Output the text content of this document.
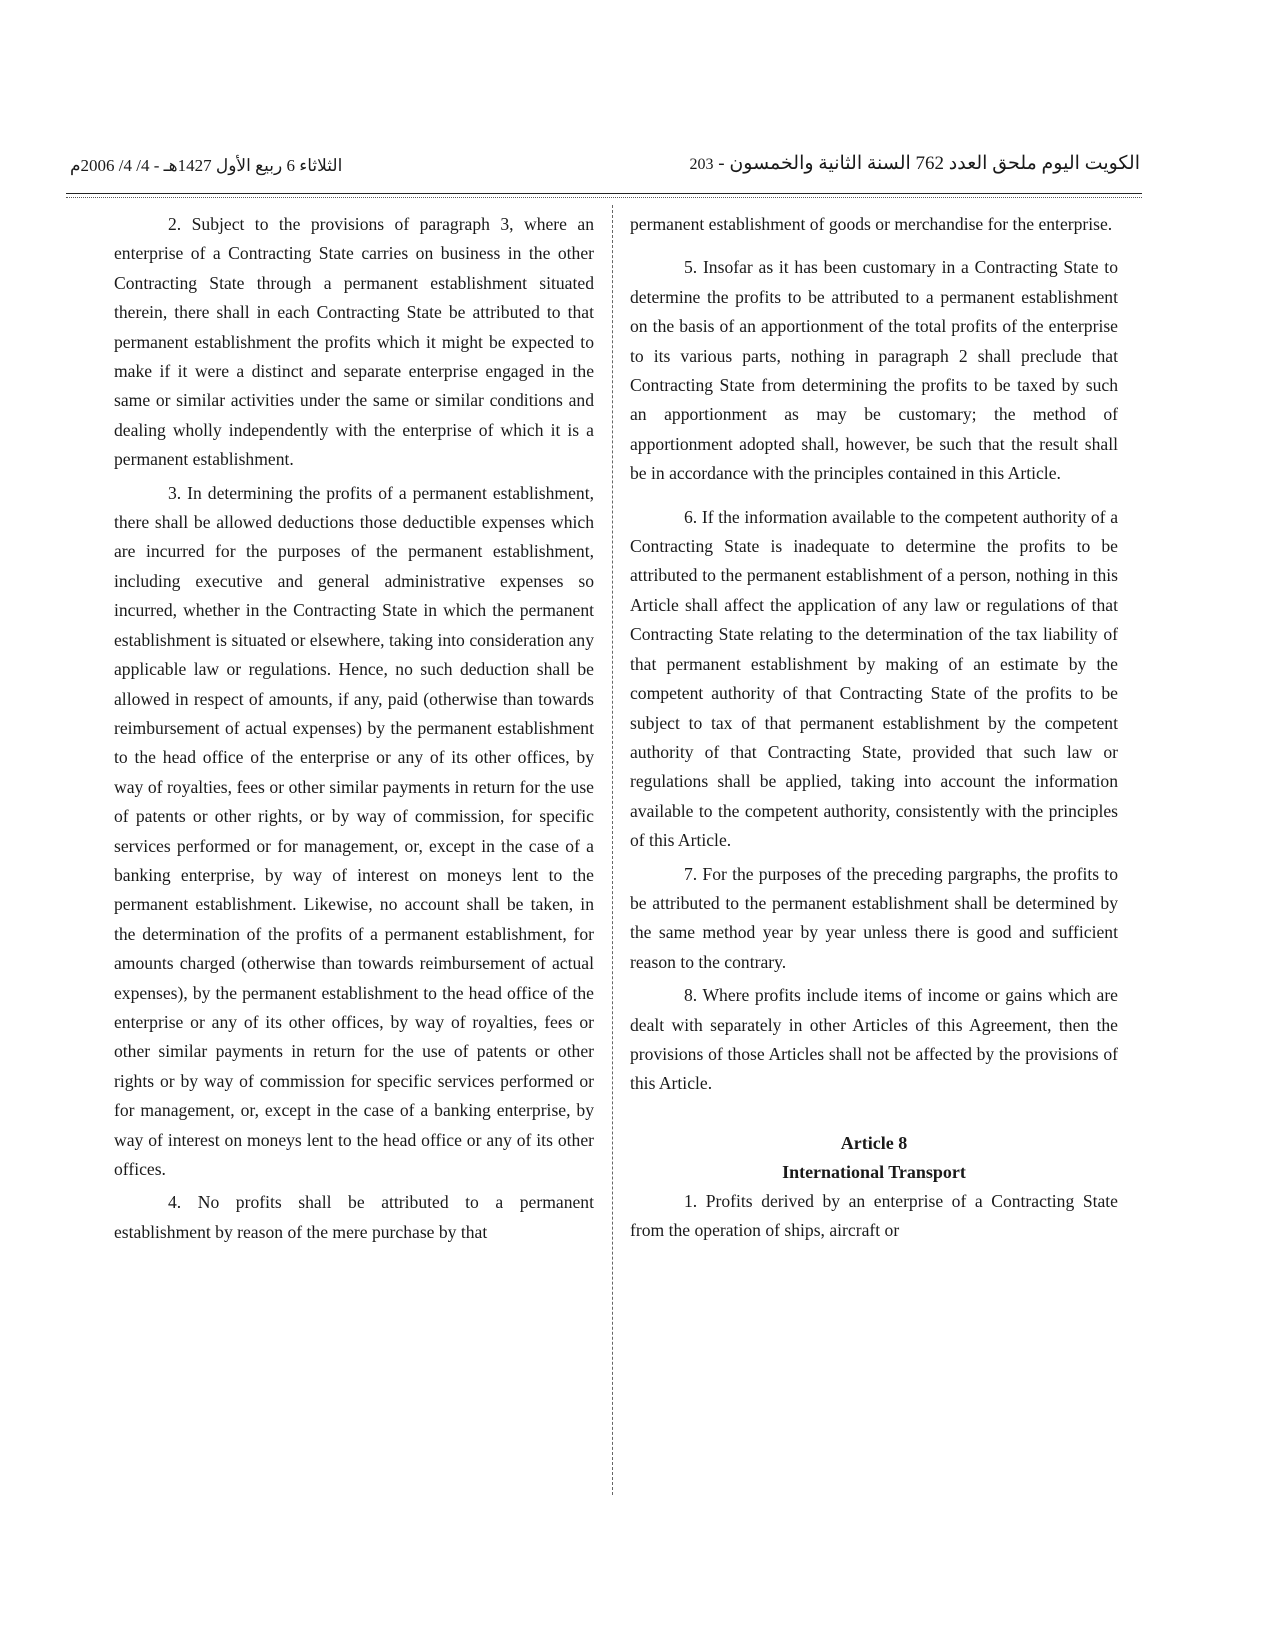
الثلاثاء 6 ربيع الأول 1427هـ - 4/ 4/ 2006م	الكويت اليوم ملحق العدد 762 السنة الثانية والخمسون - 203

2. Subject to the provisions of paragraph 3, where an enterprise of a Contracting State carries on business in the other Contracting State through a permanent establishment situated therein, there shall in each Contracting State be attributed to that permanent establishment the profits which it might be expected to make if it were a distinct and separate enterprise engaged in the same or similar activities under the same or similar conditions and dealing wholly independently with the enterprise of which it is a permanent establishment.

3. In determining the profits of a permanent establishment, there shall be allowed deductions those deductible expenses which are incurred for the purposes of the permanent establishment, including executive and general administrative expenses so incurred, whether in the Contracting State in which the permanent establishment is situated or elsewhere, taking into consideration any applicable law or regulations. Hence, no such deduction shall be allowed in respect of amounts, if any, paid (otherwise than towards reimbursement of actual expenses) by the permanent establishment to the head office of the enterprise or any of its other offices, by way of royalties, fees or other similar payments in return for the use of patents or other rights, or by way of commission, for specific services performed or for management, or, except in the case of a banking enterprise, by way of interest on moneys lent to the permanent establishment. Likewise, no account shall be taken, in the determination of the profits of a permanent establishment, for amounts charged (otherwise than towards reimbursement of actual expenses), by the permanent establishment to the head office of the enterprise or any of its other offices, by way of royalties, fees or other similar payments in return for the use of patents or other rights or by way of commission for specific services performed or for management, or, except in the case of a banking enterprise, by way of interest on moneys lent to the head office or any of its other offices.

4. No profits shall be attributed to a permanent establishment by reason of the mere purchase by that

permanent establishment of goods or merchandise for the enterprise.

5. Insofar as it has been customary in a Contracting State to determine the profits to be attributed to a permanent establishment on the basis of an apportionment of the total profits of the enterprise to its various parts, nothing in paragraph 2 shall preclude that Contracting State from determining the profits to be taxed by such an apportionment as may be customary; the method of apportionment adopted shall, however, be such that the result shall be in accordance with the principles contained in this Article.

6. If the information available to the competent authority of a Contracting State is inadequate to determine the profits to be attributed to the permanent establishment of a person, nothing in this Article shall affect the application of any law or regulations of that Contracting State relating to the determination of the tax liability of that permanent establishment by making of an estimate by the competent authority of that Contracting State of the profits to be subject to tax of that permanent establishment by the competent authority of that Contracting State, provided that such law or regulations shall be applied, taking into account the information available to the competent authority, consistently with the principles of this Article.

7. For the purposes of the preceding pargraphs, the profits to be attributed to the permanent establishment shall be determined by the same method year by year unless there is good and sufficient reason to the contrary.

8. Where profits include items of income or gains which are dealt with separately in other Articles of this Agreement, then the provisions of those Articles shall not be affected by the provisions of this Article.

Article 8
International Transport

1. Profits derived by an enterprise of a Contracting State from the operation of ships, aircraft or
